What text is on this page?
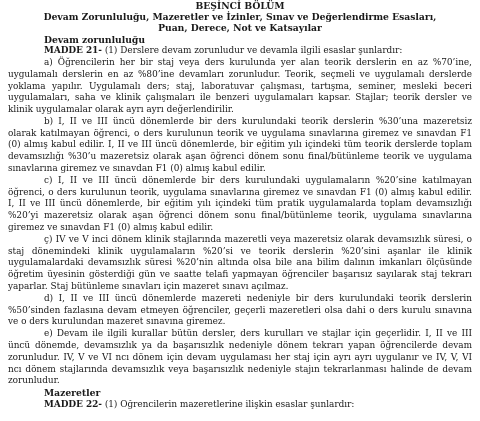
BEŞİNCİ BÖLÜM
Devam Zorunluluğu, Mazeretler ve İzinler, Sınav ve Değerlendirme Esasları,
Puan, Derece, Not ve Katsayılar
Devam zorunluluğu

MADDE 21- (1) Derslere devam zorunludur ve devamla ilgili esaslar şunlardır:

a) Öğrencilerin her bir staj veya ders kurulunda yer alan teorik derslerin en az %70’ine, uygulamalı derslerin en az %80’ine devamları zorunludur. Teorik, seçmeli ve uygulamalı derslerde yoklama yapılır. Uygulamalı ders; staj, laboratuvar çalışması, tartışma, seminer, mesleki beceri uygulamaları, saha ve klinik çalışmaları ile benzeri uygulamaları kapsar. Stajlar; teorik dersler ve klinik uygulamalar olarak ayrı ayrı değerlendirilir.

b) I, II ve III üncü dönemlerde bir ders kurulundaki teorik derslerin %30’una mazeretsiz olarak katılmayan öğrenci, o ders kurulunun teorik ve uygulama sınavlarına giremez ve sınavdan F1 (0) almış kabul edilir. I, II ve III üncü dönemlerde, bir eğitim yılı içindeki tüm teorik derslerde toplam devamsızlığı %30’u mazeretsiz olarak aşan öğrenci dönem sonu final/bütünleme teorik ve uygulama sınavlarına giremez ve sınavdan F1 (0) almış kabul edilir.

c) I, II ve III üncü dönemlerde bir ders kurulundaki uygulamaların %20’sine katılmayan öğrenci, o ders kurulunun teorik, uygulama sınavlarına giremez ve sınavdan F1 (0) almış kabul edilir. I, II ve III üncü dönemlerde, bir eğitim yılı içindeki tüm pratik uygulamalarda toplam devamsızlığı %20’yi mazeretsiz olarak aşan öğrenci dönem sonu final/bütünleme teorik, uygulama sınavlarına giremez ve sınavdan F1 (0) almış kabul edilir.

ç) IV ve V inci dönem klinik stajlarında mazeretli veya mazeretsiz olarak devamsızlık süresi, o staj dönemindeki klinik uygulamaların %20’si ve teorik derslerin %20’sini aşanlar ile klinik uygulamalardaki devamsızlık süresi %20’nin altında olsa bile ana bilim dalının imkanları ölçüsünde öğretim üyesinin gösterdiği gün ve saatte telafi yapmayan öğrenciler başarısız sayılarak staj tekrarı yaparlar. Staj bütünleme sınavları için mazeret sınavı açılmaz.

d) I, II ve III üncü dönemlerde mazereti nedeniyle bir ders kurulundaki teorik derslerin %50’sinden fazlasına devam etmeyen öğrenciler, geçerli mazeretleri olsa dahi o ders kurulu sınavına ve o ders kurulundan mazeret sınavına giremez.

e) Devam ile ilgili kurallar bütün dersler, ders kurulları ve stajlar için geçerlidir. I, II ve III üncü dönemde, devamsızlık ya da başarısızlık nedeniyle dönem tekrarı yapan öğrencilerde devam zorunludur. IV, V ve VI ncı dönem için devam uygulaması her staj için ayrı ayrı uygulanır ve IV, V, VI ncı dönem stajlarında devamsızlık veya başarısızlık nedeniyle stajın tekrarlanması halinde de devam zorunludur.

Mazeretler

MADDE 22- (1) Öğrencilerin mazeretlerine ilişkin esaslar şunlardır:
